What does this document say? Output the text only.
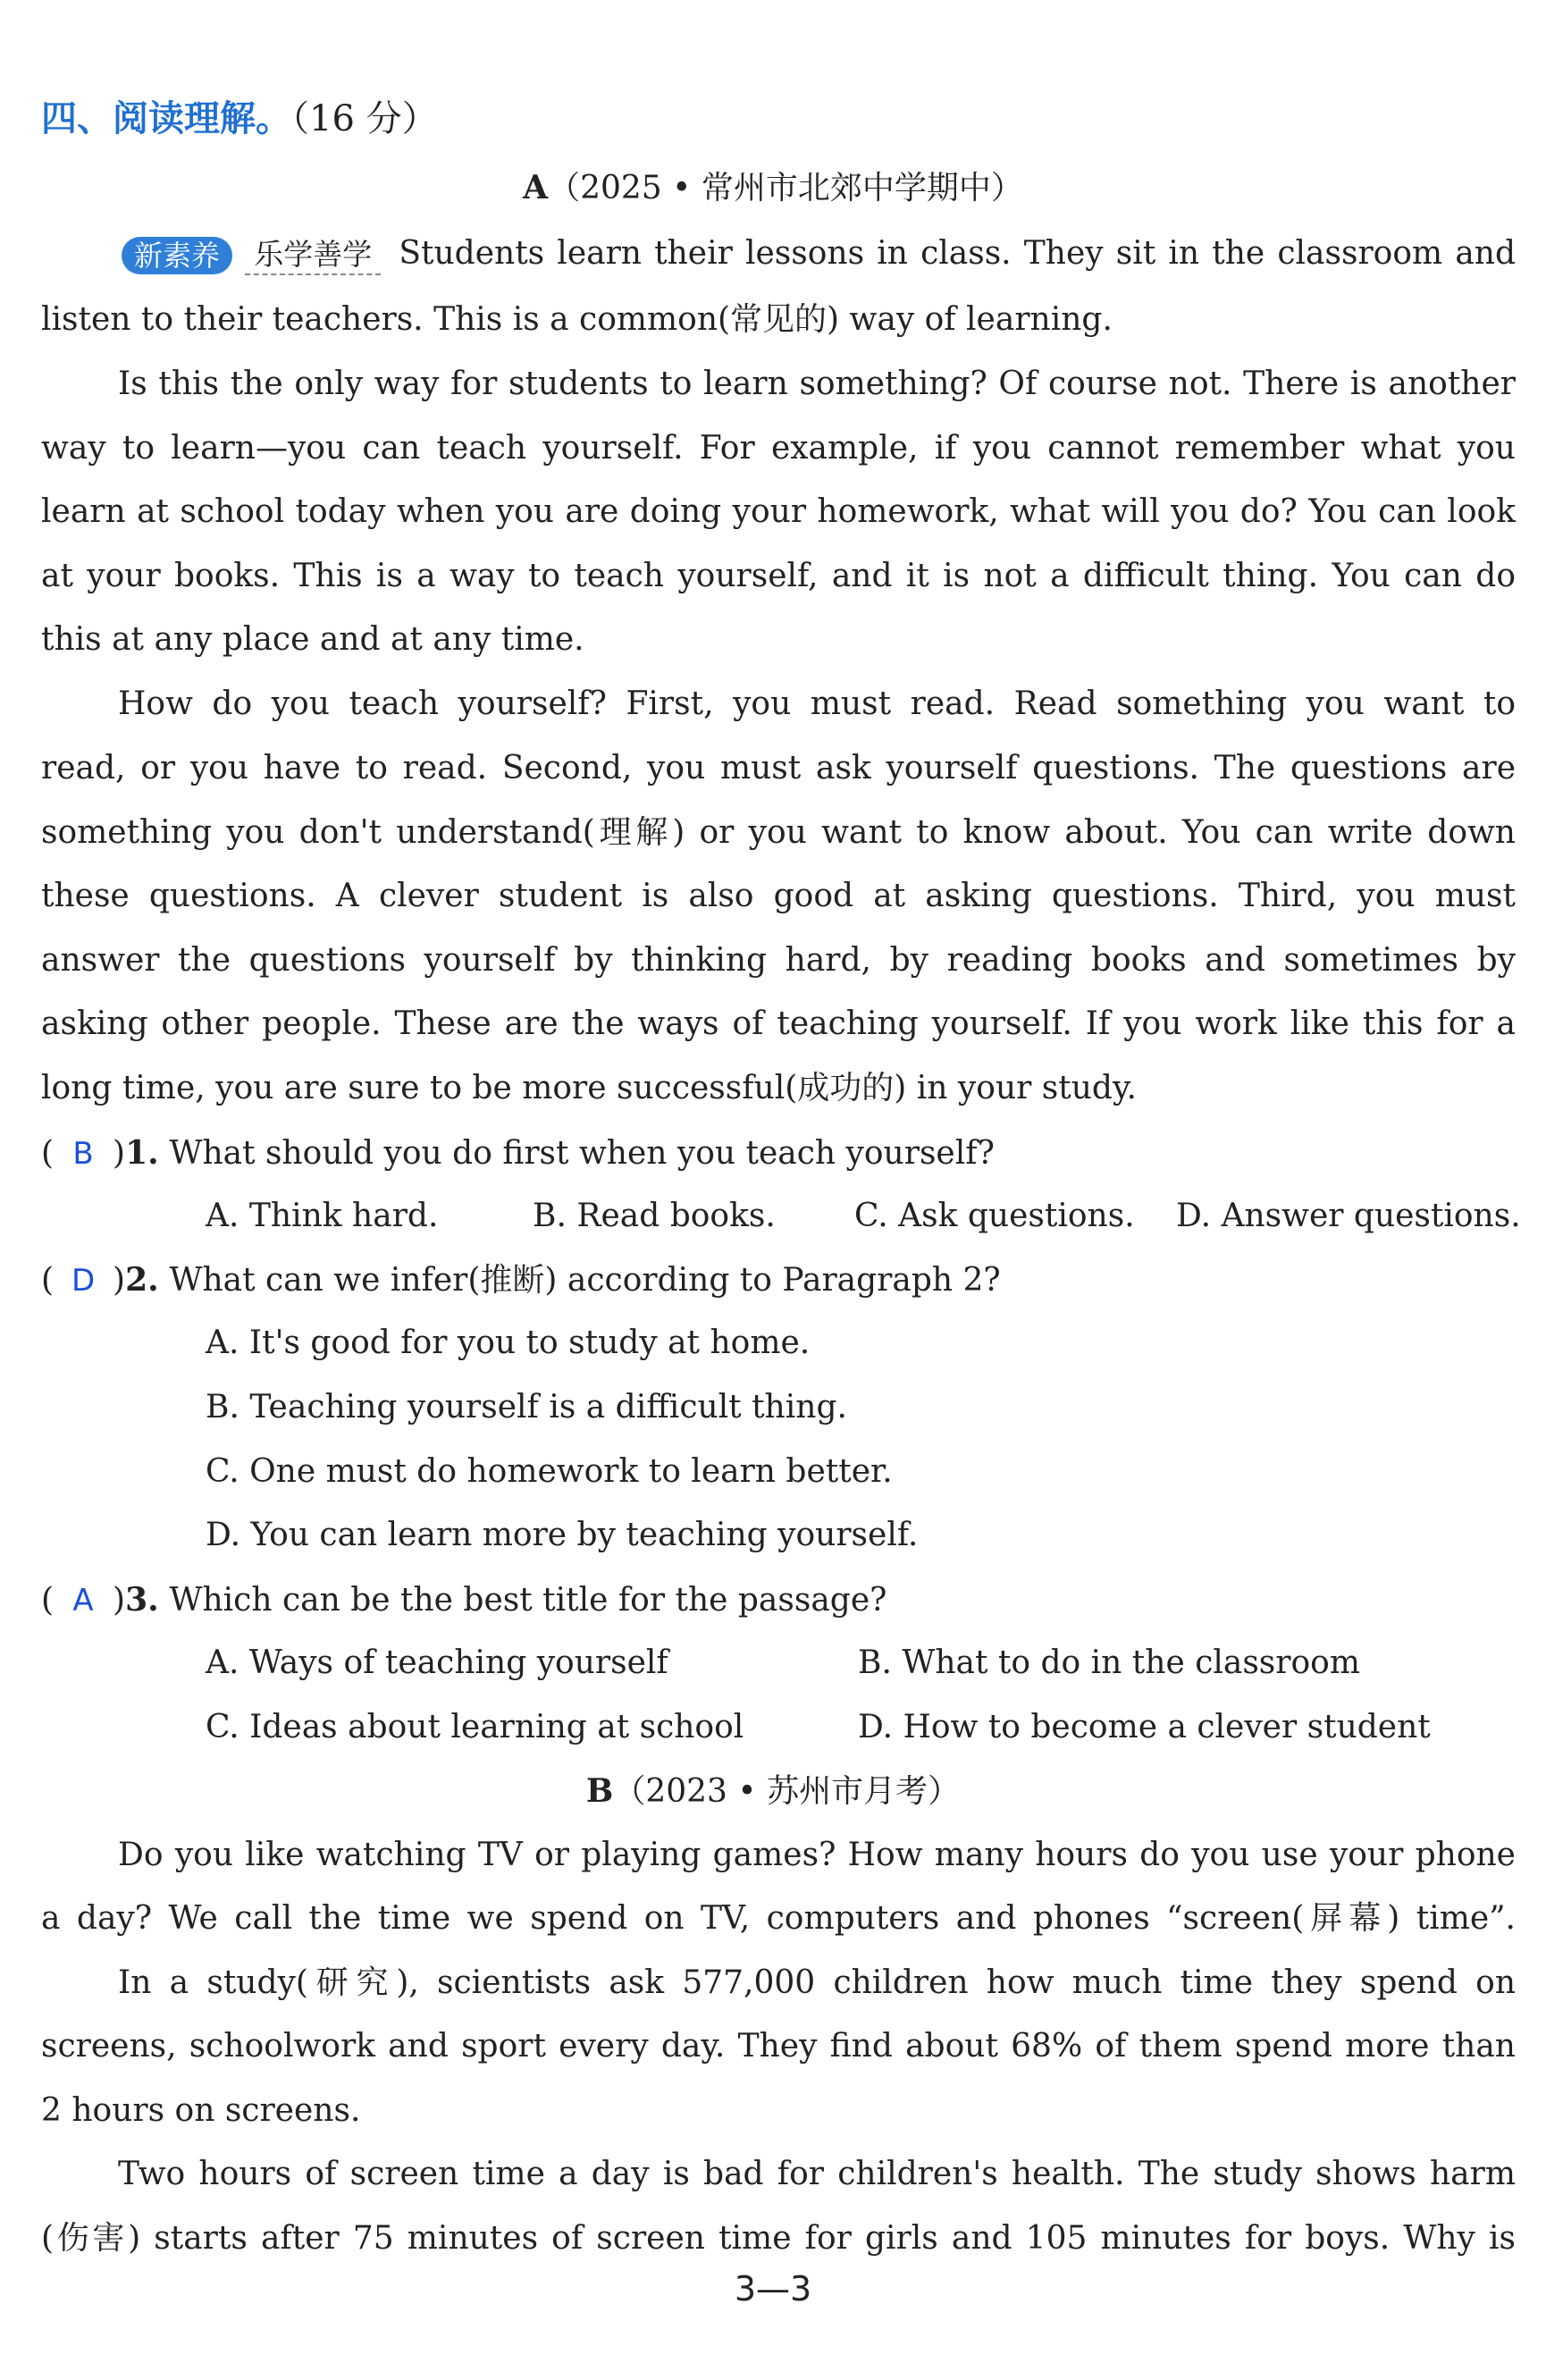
四、阅读理解。（16 分）
A（2025 • 常州市北郊中学期中）
新素养 乐学善学 Students learn their lessons in class. They sit in the classroom and
listen to their teachers. This is a common(常见的) way of learning.
Is this the only way for students to learn something? Of course not. There is another
way to learn—you can teach yourself. For example, if you cannot remember what you
learn at school today when you are doing your homework, what will you do? You can look
at your books. This is a way to teach yourself, and it is not a difficult thing. You can do
this at any place and at any time.
How do you teach yourself? First, you must read. Read something you want to
read, or you have to read. Second, you must ask yourself questions. The questions are
something you don't understand(理解) or you want to know about. You can write down
these questions. A clever student is also good at asking questions. Third, you must
answer the questions yourself by thinking hard, by reading books and sometimes by
asking other people. These are the ways of teaching yourself. If you work like this for a
long time, you are sure to be more successful(成功的) in your study.
( B )1. What should you do first when you teach yourself?
A. Think hard.	B. Read books. C. Ask questions. D. Answer questions.
( D )2. What can we infer(推断) according to Paragraph 2?
A. It's good for you to study at home.
B. Teaching yourself is a difficult thing.
C. One must do homework to learn better.
D. You can learn more by teaching yourself.
( A )3. Which can be the best title for the passage?
A. Ways of teaching yourself	B. What to do in the classroom
C. Ideas about learning at school	D. How to become a clever student
B（2023 • 苏州市月考）
Do you like watching TV or playing games? How many hours do you use your phone
a day? We call the time we spend on TV, computers and phones “screen(屏幕) time”.
In a study(研究), scientists ask 577,000 children how much time they spend on
screens, schoolwork and sport every day. They find about 68% of them spend more than
2 hours on screens.
Two hours of screen time a day is bad for children's health. The study shows harm
(伤害) starts after 75 minutes of screen time for girls and 105 minutes for boys. Why is
3—3
